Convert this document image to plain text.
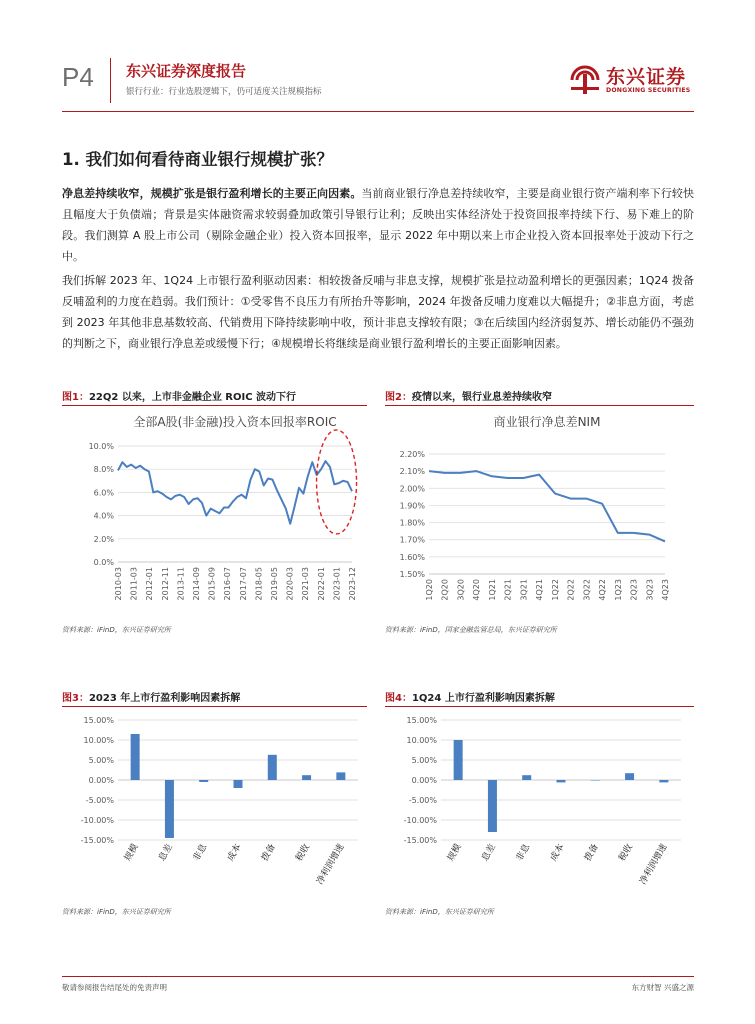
P4 东兴证券深度报告
银行行业：行业选股逻辑下，仍可适度关注规模指标
东兴证券
DONGXING SECURITIES
1. 我们如何看待商业银行规模扩张？
净息差持续收窄，规模扩张是银行盈利增长的主要正向因素。当前商业银行净息差持续收窄，主要是商业银行资产端利率下行较快且幅度大于负债端；背景是实体融资需求较弱叠加政策引导银行让利；反映出实体经济处于投资回报率持续下行、易下难上的阶段。我们测算 A 股上市公司（剔除金融企业）投入资本回报率，显示 2022 年中期以来上市企业投入资本回报率处于波动下行之中。
我们拆解 2023 年、1Q24 上市银行盈利驱动因素：相较拨备反哺与非息支撑，规模扩张是拉动盈利增长的更强因素；1Q24 拨备反哺盈利的力度在趋弱。我们预计：①受零售不良压力有所抬升等影响，2024 年拨备反哺力度难以大幅提升；②非息方面，考虑到 2023 年其他非息基数较高、代销费用下降持续影响中收，预计非息支撑较有限；③在后续国内经济弱复苏、增长动能仍不强劲的判断之下，商业银行净息差或缓慢下行；④规模增长将继续是商业银行盈利增长的主要正面影响因素。
图1：22Q2 以来，上市非金融企业 ROIC 波动下行	图2：疫情以来，银行业息差持续收窄
图3：2023 年上市行盈利影响因素拆解	图4：1Q24 上市行盈利影响因素拆解
全部A股(非金融)投入资本回报率ROIC
0.0%
2.0%
4.0%
6.0%
8.0%
10.0%
2010-03 2011-03 2012-01 2012-11 2013-11 2014-09 2015-09 2016-07 2017-07 2018-05 2019-05 2020-03 2021-03 2022-01 2023-01 2023-12
商业银行净息差NIM
1.50%
1.60%
1.70%
1.80%
1.90%
2.00%
2.10%
2.20%
1Q20 2Q20 3Q20 4Q20 1Q21 2Q21 3Q21 4Q21 1Q22 2Q22 3Q22 4Q22 1Q23 2Q23 3Q23 4Q23
-15.00%
-10.00%
-5.00%
0.00%
5.00%
10.00%
15.00%
规模 息差 非息 成本 拨备 税收 净利润增速
-15.00%
-10.00%
-5.00%
0.00%
5.00%
10.00%
15.00%
规模 息差 非息 成本 拨备 税收 净利润增速
资料来源：iFinD，东兴证券研究所	资料来源：iFinD，国家金融监管总局，东兴证券研究所
资料来源：iFinD，东兴证券研究所	资料来源：iFinD，东兴证券研究所
敬请参阅报告结尾处的免责声明	东方财智 兴盛之源
